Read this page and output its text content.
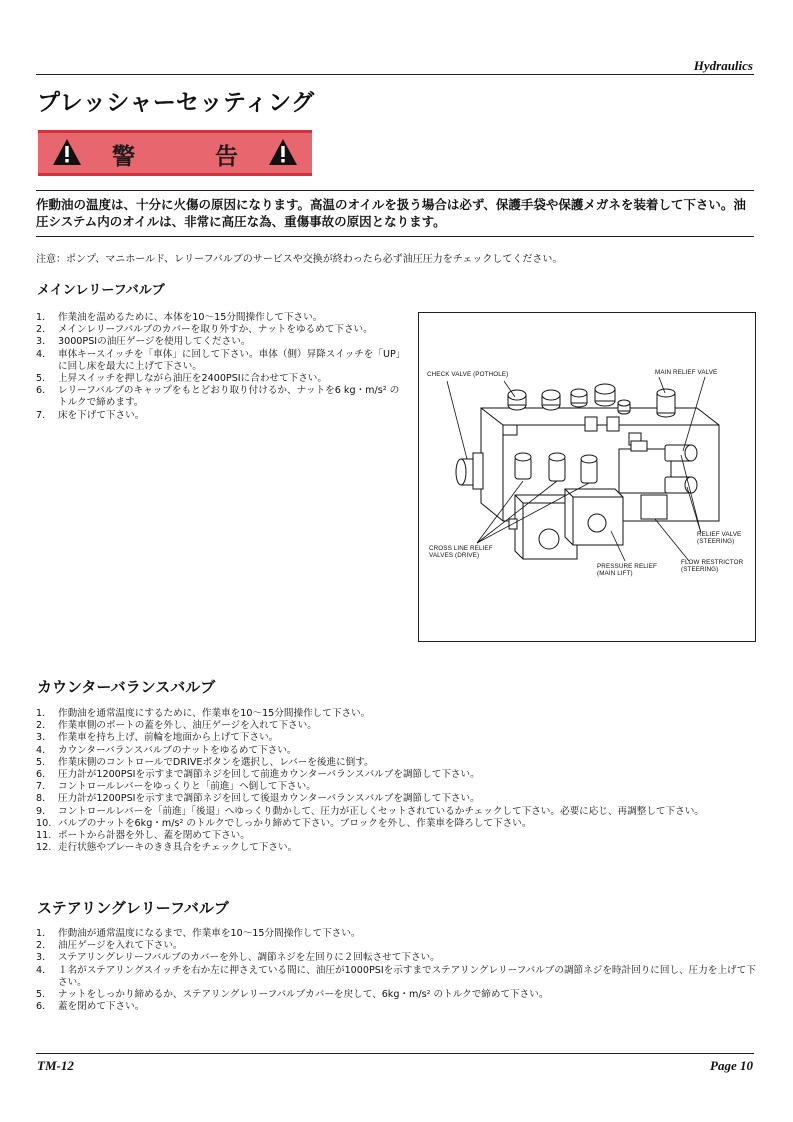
Hydraulics
プレッシャーセッティング
警 告
作動油の温度は、十分に火傷の原因になります。高温のオイルを扱う場合は必ず、保護手袋や保護メガネを装着して下さい。油圧システム内のオイルは、非常に高圧な為、重傷事故の原因となります。
注意：ポンプ、マニホールド、レリーフバルブのサービスや交換が終わったら必ず油圧圧力をチェックしてください。
メインレリーフバルブ
1． 作業油を温めるために、本体を10〜15分間操作して下さい。
2． メインレリーフバルブのカバーを取り外すか、ナットをゆるめて下さい。
3． 3000PSIの油圧ゲージを使用してください。
4． 車体キースイッチを「車体」に回して下さい。車体（側）昇降スイッチを「UP」に回し床を最大に上げて下さい。
5． 上昇スイッチを押しながら油圧を2400PSIに合わせて下さい。
6． レリーフバルブのキャップをもとどおり取り付けるか、ナットを6 kg・m/s² のトルクで締めます。
7． 床を下げて下さい。
CHECK VALVE (POTHOLE)	MAIN RELIEF VALVE
RELIEF VALVE
(STEERING)
CROSS LINE RELIEF
VALVES (DRIVE)
FLOW RESTRICTOR
(STEERING)
PRESSURE RELIEF
(MAIN LIFT)
カウンターバランスバルブ
1． 作動油を通常温度にするために、作業車を10〜15分間操作して下さい。
2． 作業車側のポートの蓋を外し、油圧ゲージを入れて下さい。
3． 作業車を持ち上げ、前輪を地面から上げて下さい。
4． カウンターバランスバルブのナットをゆるめて下さい。
5． 作業床側のコントロールでDRIVEボタンを選択し、レバーを後進に倒す。
6． 圧力計が1200PSIを示すまで調節ネジを回して前進カウンターバランスバルブを調節して下さい。
7． コントロールレバーをゆっくりと「前進」へ倒して下さい。
8． 圧力計が1200PSIを示すまで調節ネジを回して後退カウンターバランスバルブを調節して下さい。
9． コントロールレバーを「前進」「後退」へゆっくり動かして、圧力が正しくセットされているかチェックして下さい。必要に応じ、再調整して下さい。
10. バルブのナットを6kg・m/s² のトルクでしっかり締めて下さい。ブロックを外し、作業車を降ろして下さい。
11. ポートから計器を外し、蓋を閉めて下さい。
12. 走行状態やブレーキのきき具合をチェックして下さい。
ステアリングレリーフバルブ
1． 作動油が通常温度になるまで、作業車を10〜15分間操作して下さい。
2． 油圧ゲージを入れて下さい。
3． ステアリングレリーフバルブのカバーを外し、調節ネジを左回りに２回転させて下さい。
4． １名がステアリングスイッチを右か左に押さえている間に、油圧が1000PSIを示すまでステアリングレリーフバルブの調節ネジを時計回りに回し、圧力を上げて下さい。
5． ナットをしっかり締めるか、ステアリングレリーフバルブカバーを戻して、6kg・m/s² のトルクで締めて下さい。
6． 蓋を閉めて下さい。
TM-12	Page 10
